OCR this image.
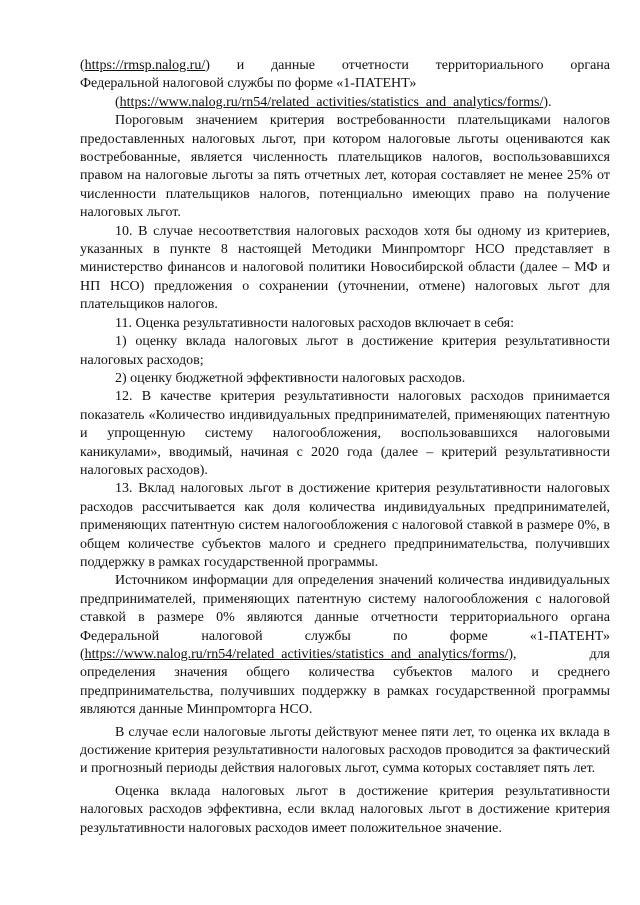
(https://rmsp.nalog.ru/) и данные отчетности территориального органа

Федеральной налоговой службы по форме «1-ПАТЕНТ»

(https://www.nalog.ru/rn54/related_activities/statistics_and_analytics/forms/).

Пороговым значением критерия востребованности плательщиками налогов предоставленных налоговых льгот, при котором налоговые льготы оцениваются как востребованные, является численность плательщиков налогов, воспользовавшихся правом на налоговые льготы за пять отчетных лет, которая составляет не менее 25% от численности плательщиков налогов, потенциально имеющих право на получение налоговых льгот.

10. В случае несоответствия налоговых расходов хотя бы одному из критериев, указанных в пункте 8 настоящей Методики Минпромторг НСО представляет в министерство финансов и налоговой политики Новосибирской области (далее – МФ и НП НСО) предложения о сохранении (уточнении, отмене) налоговых льгот для плательщиков налогов.

11. Оценка результативности налоговых расходов включает в себя:

1) оценку вклада налоговых льгот в достижение критерия результативности налоговых расходов;

2) оценку бюджетной эффективности налоговых расходов.

12. В качестве критерия результативности налоговых расходов принимается показатель «Количество индивидуальных предпринимателей, применяющих патентную и упрощенную систему налогообложения, воспользовавшихся налоговыми каникулами», вводимый, начиная с 2020 года (далее – критерий результативности налоговых расходов).

13. Вклад налоговых льгот в достижение критерия результативности налоговых расходов рассчитывается как доля количества индивидуальных предпринимателей, применяющих патентную систем налогообложения с налоговой ставкой в размере 0%, в общем количестве субъектов малого и среднего предпринимательства, получивших поддержку в рамках государственной программы.

Источником информации для определения значений количества индивидуальных предпринимателей, применяющих патентную систему налогообложения с налоговой ставкой в размере 0% являются данные отчетности территориального органа Федеральной налоговой службы по форме «1-ПАТЕНТ» (https://www.nalog.ru/rn54/related_activities/statistics_and_analytics/forms/), для определения значения общего количества субъектов малого и среднего предпринимательства, получивших поддержку в рамках государственной программы являются данные Минпромторга НСО.

В случае если налоговые льготы действуют менее пяти лет, то оценка их вклада в достижение критерия результативности налоговых расходов проводится за фактический и прогнозный периоды действия налоговых льгот, сумма которых составляет пять лет.

Оценка вклада налоговых льгот в достижение критерия результативности налоговых расходов эффективна, если вклад налоговых льгот в достижение критерия результативности налоговых расходов имеет положительное значение.
